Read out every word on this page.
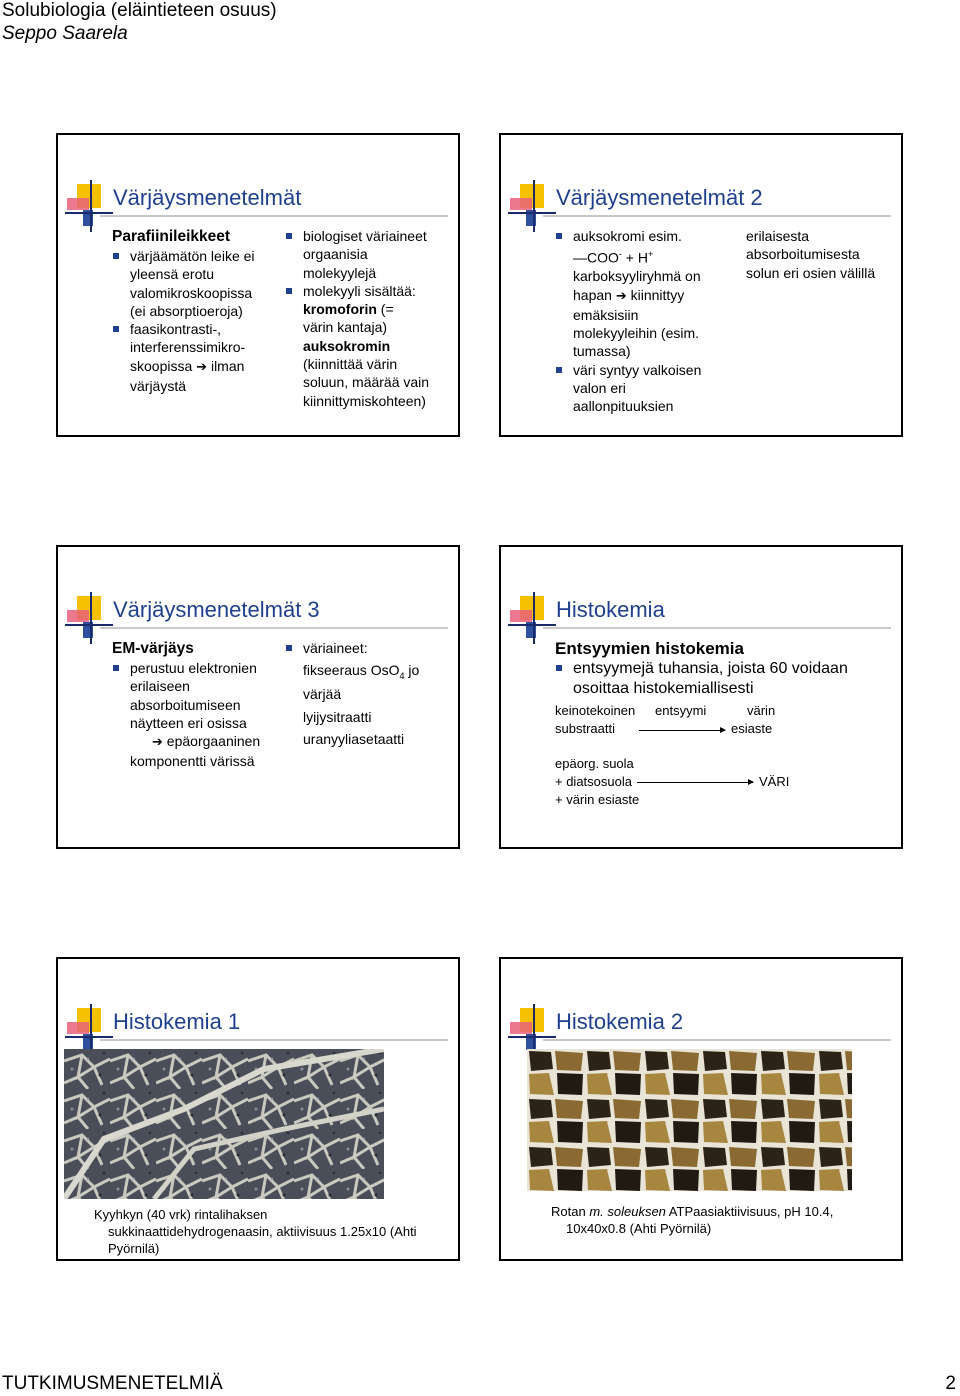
Solubiologia (eläintieteen osuus)
Seppo Saarela
Värjäysmenetelmät
Parafiinileikkeet
värjäämätön leike ei
yleensä erotu
valomikroskoopissa
(ei absorptioeroja)
faasikontrasti-,
interferenssimikro-
skoopissa ➔ ilman
värjäystä
biologiset väriaineet
orgaanisia
molekyylejä
molekyyli sisältää:
kromoforin (=
värin kantaja)
auksokromin
(kiinnittää värin
soluun, määrää vain
kiinnittymiskohteen)
Värjäysmenetelmät 2
auksokromi esim.
—COO- + H+
karboksyyliryhmä on
hapan ➔ kiinnittyy
emäksisiin
molekyyleihin (esim.
tumassa)
väri syntyy valkoisen
valon eri
aallonpituuksien
erilaisesta
absorboitumisesta
solun eri osien välillä
Värjäysmenetelmät 3
EM-värjäys
perustuu elektronien
erilaiseen
absorboitumiseen
näytteen eri osissa
➔ epäorgaaninen
komponentti värissä
väriaineet:
fikseeraus OsO$_4$ jo
värjää
lyijysitraatti
uranyyliasetaatti
Histokemia
Entsyymien histokemia
entsyymejä tuhansia, joista 60 voidaan
osoittaa histokemiallisesti
keinotekoinen entsyymi	värin
substraatti	esiaste
epäorg. suola
+ diatsosuola	VÄRI
+ värin esiaste
Histokemia 1
Kyyhkyn (40 vrk) rintalihaksen
sukkinaattidehydrogenaasin, aktiivisuus 1.25x10 (Ahti
Pyörnilä)
Histokemia 2
Rotan m. soleuksen ATPaasiaktiivisuus, pH 10.4,
10x40x0.8 (Ahti Pyörnilä)
TUTKIMUSMENETELMIÄ	2
